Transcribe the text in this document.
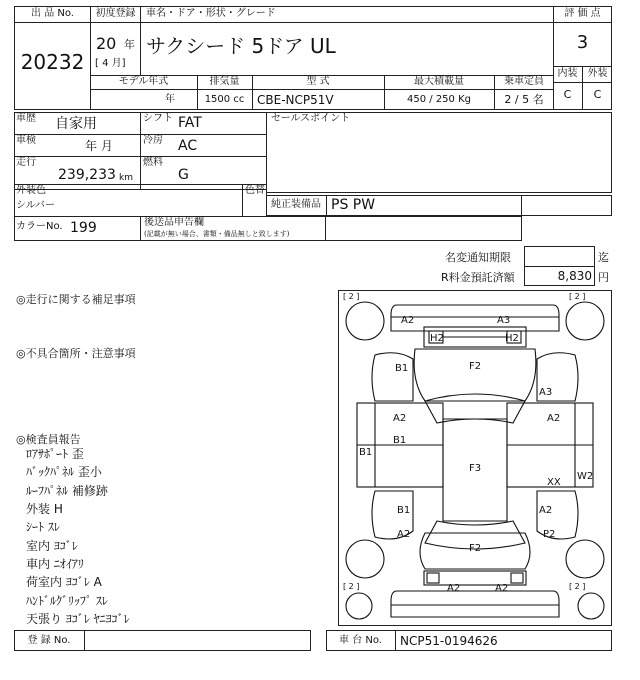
出 品 No.
20232
初度登録
20 年
[ 4 月]
車名・ドア・形状・グレード
サクシード 5ドア UL
評 価 点
3
内装	外装
C	C
モデル年式	排気量	型 式	最大積載量	乗車定員
年	1500 cc	CBE-NCP51V	450 / 250 Kg	2 / 5 名
車歴 自家用	シフト FAT
車検	年 月	冷房 AC
走行
239,233 km
燃料
G
セールスポイント
外装色
シルバー
色替
純正装備品 PS PW
カラーNo. 199	後送品申告欄
(記載が無い場合、書類・備品無しと致します)
名変通知期限	迄
R料金預託済額	8,830 円
◎走行に関する補足事項
◎不具合箇所・注意事項
◎検査員報告
ﾛｱｻﾎﾟｰﾄ 歪
ﾊﾞｯｸﾊﾟﾈﾙ 歪小
ﾙｰﾌﾊﾟﾈﾙ 補修跡
外装 H
ｼｰﾄ ｽﾚ
室内 ﾖｺﾞﾚ
車内 ﾆｵｲｱﾘ
荷室内 ﾖｺﾞﾚ A
ﾊﾝﾄﾞﾙｸﾞﾘｯﾌﾟ ｽﾚ
天張り ﾖｺﾞﾚ ﾔﾆﾖｺﾞﾚ
[ 2 ]	[ 2 ]
[ 2 ]	[ 2 ]
A2	A3
H2	H2
B1	F2
A3
A2	A2
B1
B1
F3
XX
W2
B1
A2
A2
P2
F2
A2	A2
登 録 No.	車 台 No.	NCP51-0194626
